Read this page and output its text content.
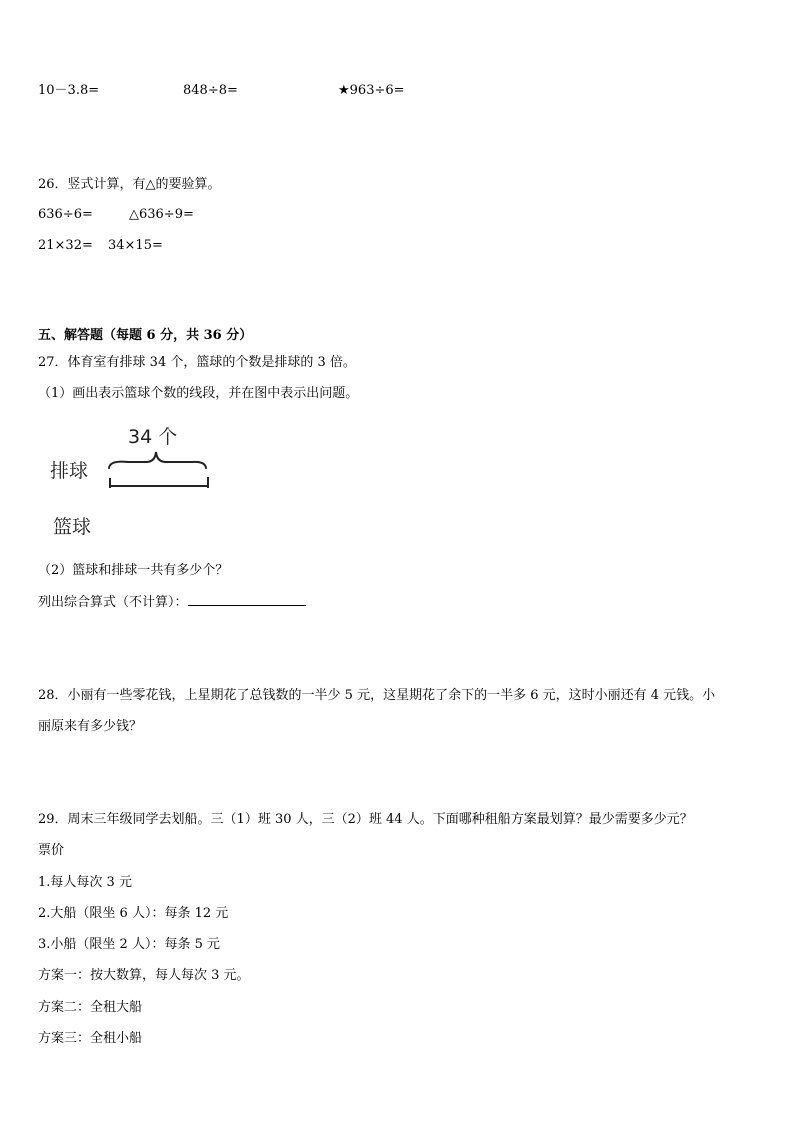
10－3.8=	848÷8=	★963÷6=
26．竖式计算，有△的要验算。
636÷6=	△636÷9=
21×32= 34×15=
五、解答题（每题 6 分，共 36 分）
27．体育室有排球 34 个，篮球的个数是排球的 3 倍。
（1）画出表示篮球个数的线段，并在图中表示出问题。
34 个
排球
篮球
（2）篮球和排球一共有多少个？
列出综合算式（不计算）：
28．小丽有一些零花钱，上星期花了总钱数的一半少 5 元，这星期花了余下的一半多 6 元，这时小丽还有 4 元钱。小
丽原来有多少钱？
29．周末三年级同学去划船。三（1）班 30 人，三（2）班 44 人。下面哪种租船方案最划算？最少需要多少元？
票价
1.每人每次 3 元
2.大船（限坐 6 人）：每条 12 元
3.小船（限坐 2 人）：每条 5 元
方案一：按大数算，每人每次 3 元。
方案二：全租大船
方案三：全租小船
